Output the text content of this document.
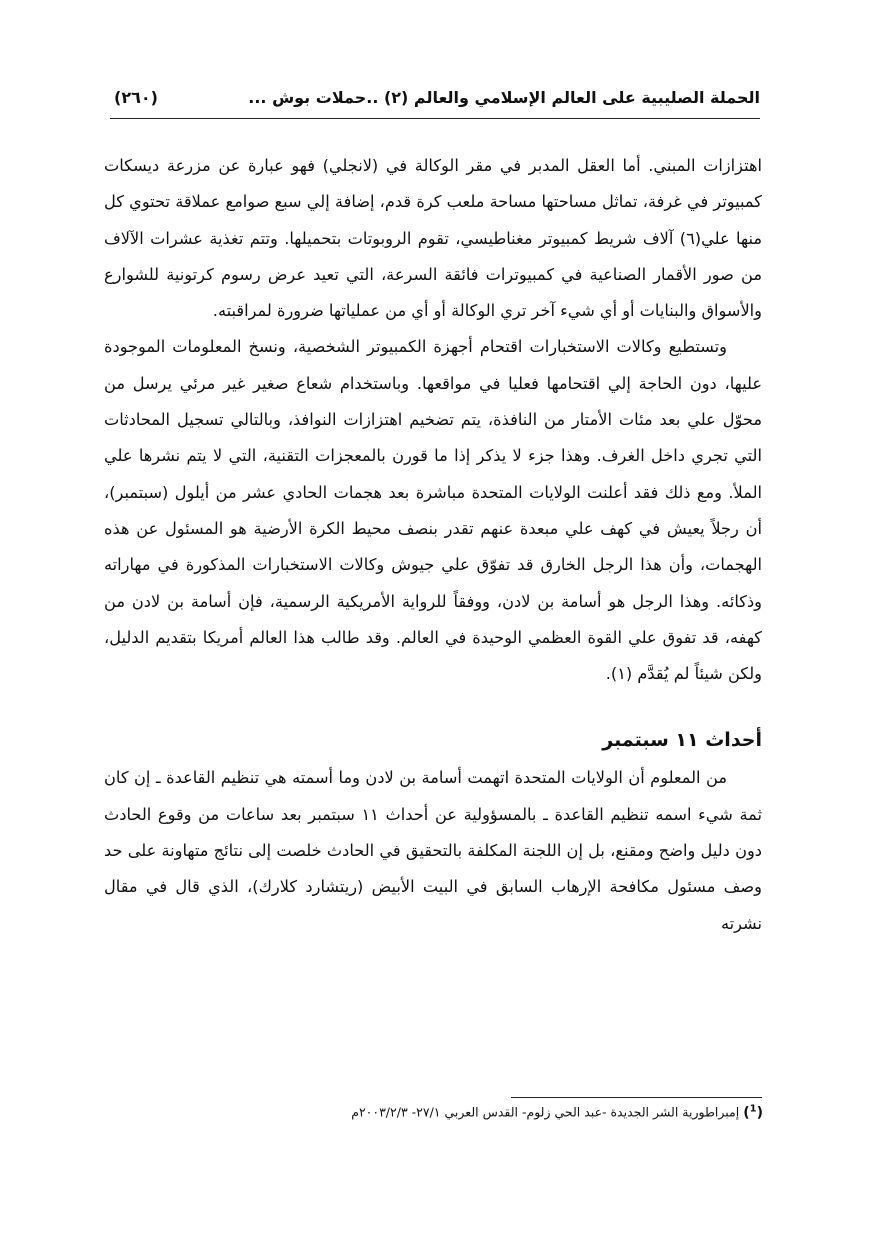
الحملة الصليبية على العالم الإسلامي والعالم (٢) ..حملات بوش ...
(٢٦٠)

اهتزازات المبني. أما العقل المدبر في مقر الوكالة في (لانجلي) فهو عبارة عن مزرعة ديسكات كمبيوتر في غرفة، تماثل مساحتها مساحة ملعب كرة قدم، إضافة إلي سبع صوامع عملاقة تحتوي كل منها علي(٦) آلاف شريط كمبيوتر مغناطيسي، تقوم الروبوتات بتحميلها. وتتم تغذية عشرات الآلاف من صور الأقمار الصناعية في كمبيوترات فائقة السرعة، التي تعيد عرض رسوم كرتونية للشوارع والأسواق والبنايات أو أي شيء آخر تري الوكالة أو أي من عملياتها ضرورة لمراقبته.

وتستطيع وكالات الاستخبارات اقتحام أجهزة الكمبيوتر الشخصية، ونسخ المعلومات الموجودة عليها، دون الحاجة إلي اقتحامها فعليا في مواقعها. وباستخدام شعاع صغير غير مرئي يرسل من محوّل علي بعد مئات الأمتار من النافذة، يتم تضخيم اهتزازات النوافذ، وبالتالي تسجيل المحادثات التي تجري داخل الغرف. وهذا جزء لا يذكر إذا ما قورن بالمعجزات التقنية، التي لا يتم نشرها علي الملأ. ومع ذلك فقد أعلنت الولايات المتحدة مباشرة بعد هجمات الحادي عشر من أيلول (سبتمبر)، أن رجلاً يعيش في كهف علي مبعدة عنهم تقدر بنصف محيط الكرة الأرضية هو المسئول عن هذه الهجمات، وأن هذا الرجل الخارق قد تفوّق علي جيوش وكالات الاستخبارات المذكورة في مهاراته وذكائه. وهذا الرجل هو أسامة بن لادن، ووفقاً للرواية الأمريكية الرسمية، فإن أسامة بن لادن من كهفه، قد تفوق علي القوة العظمي الوحيدة في العالم. وقد طالب هذا العالم أمريكا بتقديم الدليل، ولكن شيئاً لم يُقدَّم (١).

أحداث ١١ سبتمبر

من المعلوم أن الولايات المتحدة اتهمت أسامة بن لادن وما أسمته هي تنظيم القاعدة ـ إن كان ثمة شيء اسمه تنظيم القاعدة ـ بالمسؤولية عن أحداث ١١ سبتمبر بعد ساعات من وقوع الحادث دون دليل واضح ومقنع، بل إن اللجنة المكلفة بالتحقيق في الحادث خلصت إلى نتائج متهاونة على حد وصف مسئول مكافحة الإرهاب السابق في البيت الأبيض (ريتشارد كلارك)، الذي قال في مقال نشرته

($^1$) إمبراطورية الشر الجديدة -عبد الحي زلوم- القدس العربي ٢٧/١- ٢٠٠٣/٢/٣م
